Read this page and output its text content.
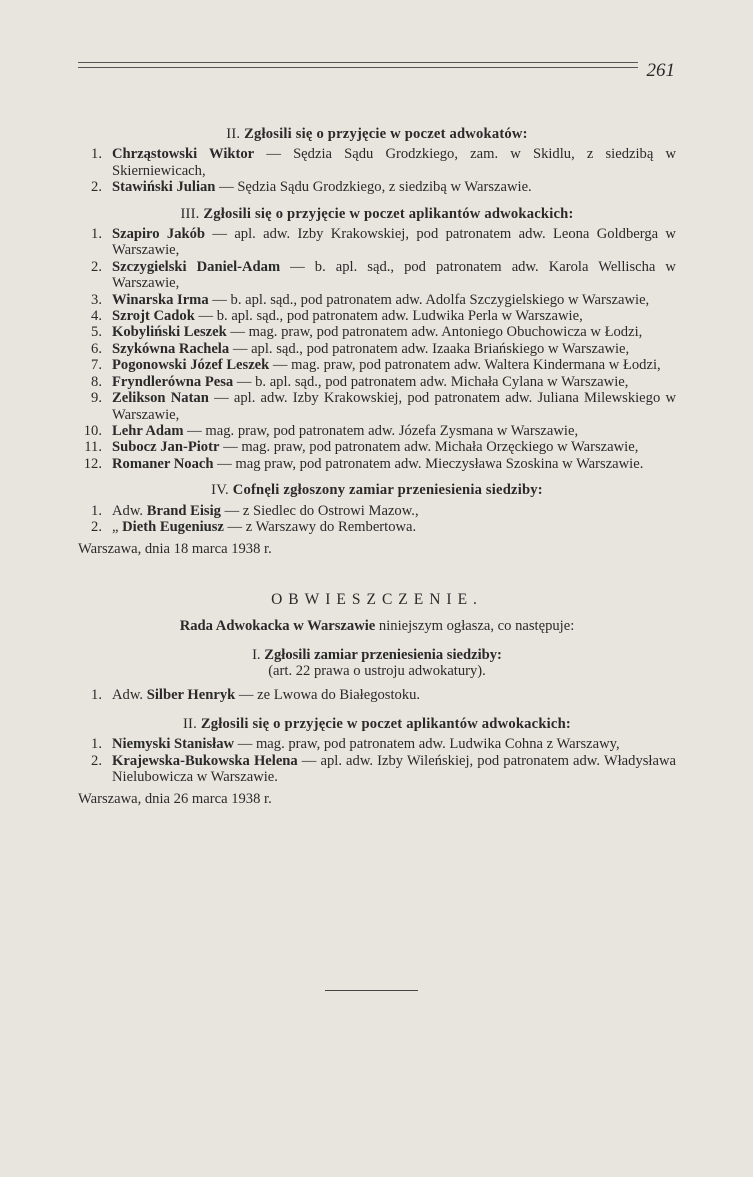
261
II. Zgłosili się o przyjęcie w poczet adwokatów:
1. Chrząstowski Wiktor — Sędzia Sądu Grodzkiego, zam. w Skidlu, z siedzibą w Skierniewicach,
2. Stawiński Julian — Sędzia Sądu Grodzkiego, z siedzibą w Warszawie.
III. Zgłosili się o przyjęcie w poczet aplikantów adwokackich:
1. Szapiro Jakób — apl. adw. Izby Krakowskiej, pod patronatem adw. Leona Goldberga w Warszawie,
2. Szczygielski Daniel-Adam — b. apl. sąd., pod patronatem adw. Karola Wellischa w Warszawie,
3. Winarska Irma — b. apl. sąd., pod patronatem adw. Adolfa Szczygielskiego w Warszawie,
4. Szrojt Cadok — b. apl. sąd., pod patronatem adw. Ludwika Perla w Warszawie,
5. Kobyliński Leszek — mag. praw, pod patronatem adw. Antoniego Obuchowicza w Łodzi,
6. Szykówna Rachela — apl. sąd., pod patronatem adw. Izaaka Briańskiego w Warszawie,
7. Pogonowski Józef Leszek — mag. praw, pod patronatem adw. Waltera Kindermana w Łodzi,
8. Fryndlerówna Pesa — b. apl. sąd., pod patronatem adw. Michała Cylana w Warszawie,
9. Zelikson Natan — apl. adw. Izby Krakowskiej, pod patronatem adw. Juliana Milewskiego w Warszawie,
10. Lehr Adam — mag. praw, pod patronatem adw. Józefa Zysmana w Warszawie,
11. Subocz Jan-Piotr — mag. praw, pod patronatem adw. Michała Orzęckiego w Warszawie,
12. Romaner Noach — mag praw, pod patronatem adw. Mieczysława Szoskina w Warszawie.
IV. Cofnęli zgłoszony zamiar przeniesienia siedziby:
1. Adw. Brand Eisig — z Siedlec do Ostrowi Mazow.,
2. „ Dieth Eugeniusz — z Warszawy do Rembertowa.
Warszawa, dnia 18 marca 1938 r.
OBWIESZCZENIE.
Rada Adwokacka w Warszawie niniejszym ogłasza, co następuje:
I. Zgłosili zamiar przeniesienia siedziby:
(art. 22 prawa o ustroju adwokatury).
1. Adw. Silber Henryk — ze Lwowa do Białegostoku.
II. Zgłosili się o przyjęcie w poczet aplikantów adwokackich:
1. Niemyski Stanisław — mag. praw, pod patronatem adw. Ludwika Cohna z Warszawy,
2. Krajewska-Bukowska Helena — apl. adw. Izby Wileńskiej, pod patronatem adw. Władysława Nielubowicza w Warszawie.
Warszawa, dnia 26 marca 1938 r.
